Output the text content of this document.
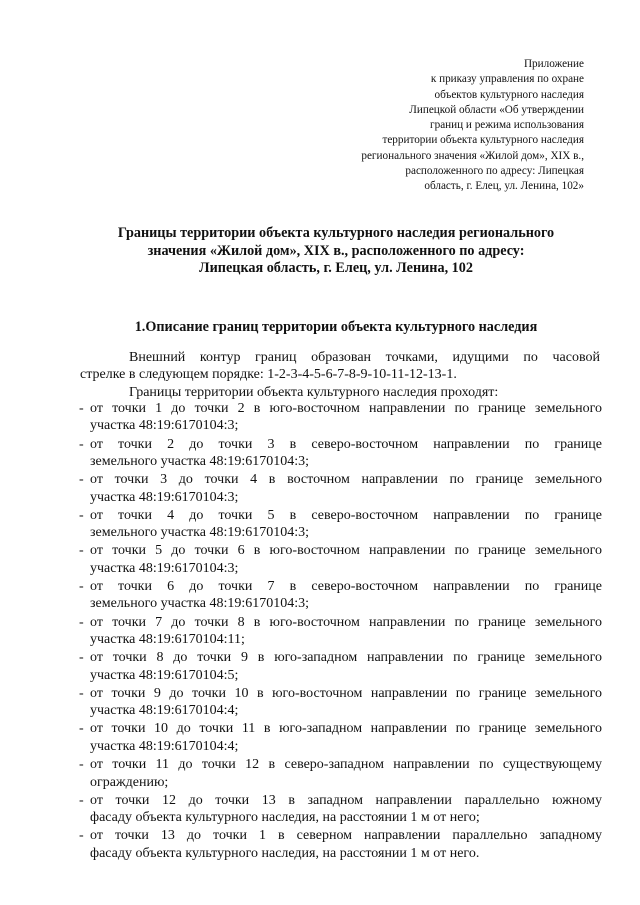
Приложение
к приказу управления по охране
объектов культурного наследия
Липецкой области «Об утверждении
границ и режима использования
территории объекта культурного наследия
регионального значения «Жилой дом», XIX в.,
расположенного по адресу: Липецкая
область, г. Елец, ул. Ленина, 102»
Границы территории объекта культурного наследия регионального
значения «Жилой дом», XIX в., расположенного по адресу:
Липецкая область, г. Елец, ул. Ленина, 102
1.Описание границ территории объекта культурного наследия

Внешний контур границ образован точками, идущими по часовой

стрелке в следующем порядке: 1-2-3-4-5-6-7-8-9-10-11-12-13-1.

Границы территории объекта культурного наследия проходят:

- от точки 1 до точки 2 в юго-восточном направлении по границе земельного
участка 48:19:6170104:3;
- от точки 2 до точки 3 в северо-восточном направлении по границе
земельного участка 48:19:6170104:3;
- от точки 3 до точки 4 в восточном направлении по границе земельного
участка 48:19:6170104:3;
- от точки 4 до точки 5 в северо-восточном направлении по границе
земельного участка 48:19:6170104:3;
- от точки 5 до точки 6 в юго-восточном направлении по границе земельного
участка 48:19:6170104:3;
- от точки 6 до точки 7 в северо-восточном направлении по границе
земельного участка 48:19:6170104:3;
- от точки 7 до точки 8 в юго-восточном направлении по границе земельного
участка 48:19:6170104:11;
- от точки 8 до точки 9 в юго-западном направлении по границе земельного
участка 48:19:6170104:5;
- от точки 9 до точки 10 в юго-восточном направлении по границе земельного
участка 48:19:6170104:4;
- от точки 10 до точки 11 в юго-западном направлении по границе земельного
участка 48:19:6170104:4;
- от точки 11 до точки 12 в северо-западном направлении по существующему
ограждению;
- от точки 12 до точки 13 в западном направлении параллельно южному
фасаду объекта культурного наследия, на расстоянии 1 м от него;
- от точки 13 до точки 1 в северном направлении параллельно западному
фасаду объекта культурного наследия, на расстоянии 1 м от него.
